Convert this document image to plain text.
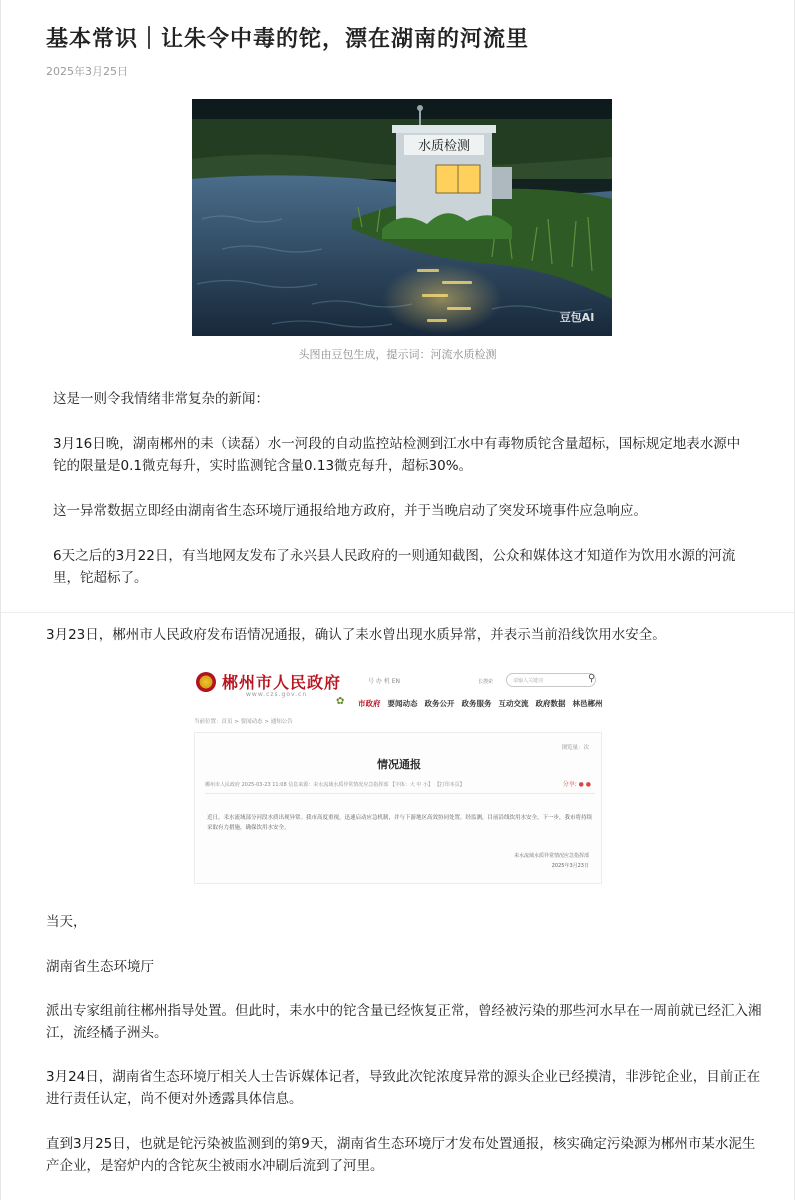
基本常识｜让朱令中毒的铊，漂在湖南的河流里
2025年3月25日
水质检测
豆包AI
头图由豆包生成，提示词：河流水质检测

这是一则令我情绪非常复杂的新闻：

3月16日晚，湖南郴州的耒（读磊）水一河段的自动监控站检测到江水中有毒物质铊含量超标，国标规定地表水源中铊的限量是0.1微克每升，实时监测铊含量0.13微克每升，超标30%。

这一异常数据立即经由湖南省生态环境厅通报给地方政府，并于当晚启动了突发环境事件应急响应。

6天之后的3月22日，有当地网友发布了永兴县人民政府的一则通知截图，公众和媒体这才知道作为饮用水源的河流里，铊超标了。

3月23日，郴州市人民政府发布语情况通报，确认了耒水曾出现水质异常，并表示当前沿线饮用水安全。

郴州市人民政府
www.czs.gov.cn
号 办 机 EN	长搜索	请输入关键词	⚲
✿	市政府 要闻动态 政务公开 政务服务 互动交流 政府数据 林邑郴州
当前位置：首页 > 要闻动态 > 通知公告
浏览量：次
情况通报
郴州市人民政府 2025-03-23 11:08 信息来源：耒水流域水质异常情况应急指挥部 【字体：大 中 小】 【打印本页】	分享: ● ●
近日，耒水流域部分河段水质出现异常。我市高度重视，迅速启动应急机制，并与下游地区高效协同处置。经监测，目前沿线饮用水安全。下一步，我市将持续采取有力措施，确保饮用水安全。
耒水流域水质异常情况应急指挥部
2025年3月23日

当天，

湖南省生态环境厅

派出专家组前往郴州指导处置。但此时，耒水中的铊含量已经恢复正常，曾经被污染的那些河水早在一周前就已经汇入湘江，流经橘子洲头。

3月24日，湖南省生态环境厅相关人士告诉媒体记者，导致此次铊浓度异常的源头企业已经摸清，非涉铊企业，目前正在进行责任认定，尚不便对外透露具体信息。

直到3月25日，也就是铊污染被监测到的第9天，湖南省生态环境厅才发布处置通报，核实确定污染源为郴州市某水泥生产企业，是窑炉内的含铊灰尘被雨水冲刷后流到了河里。
